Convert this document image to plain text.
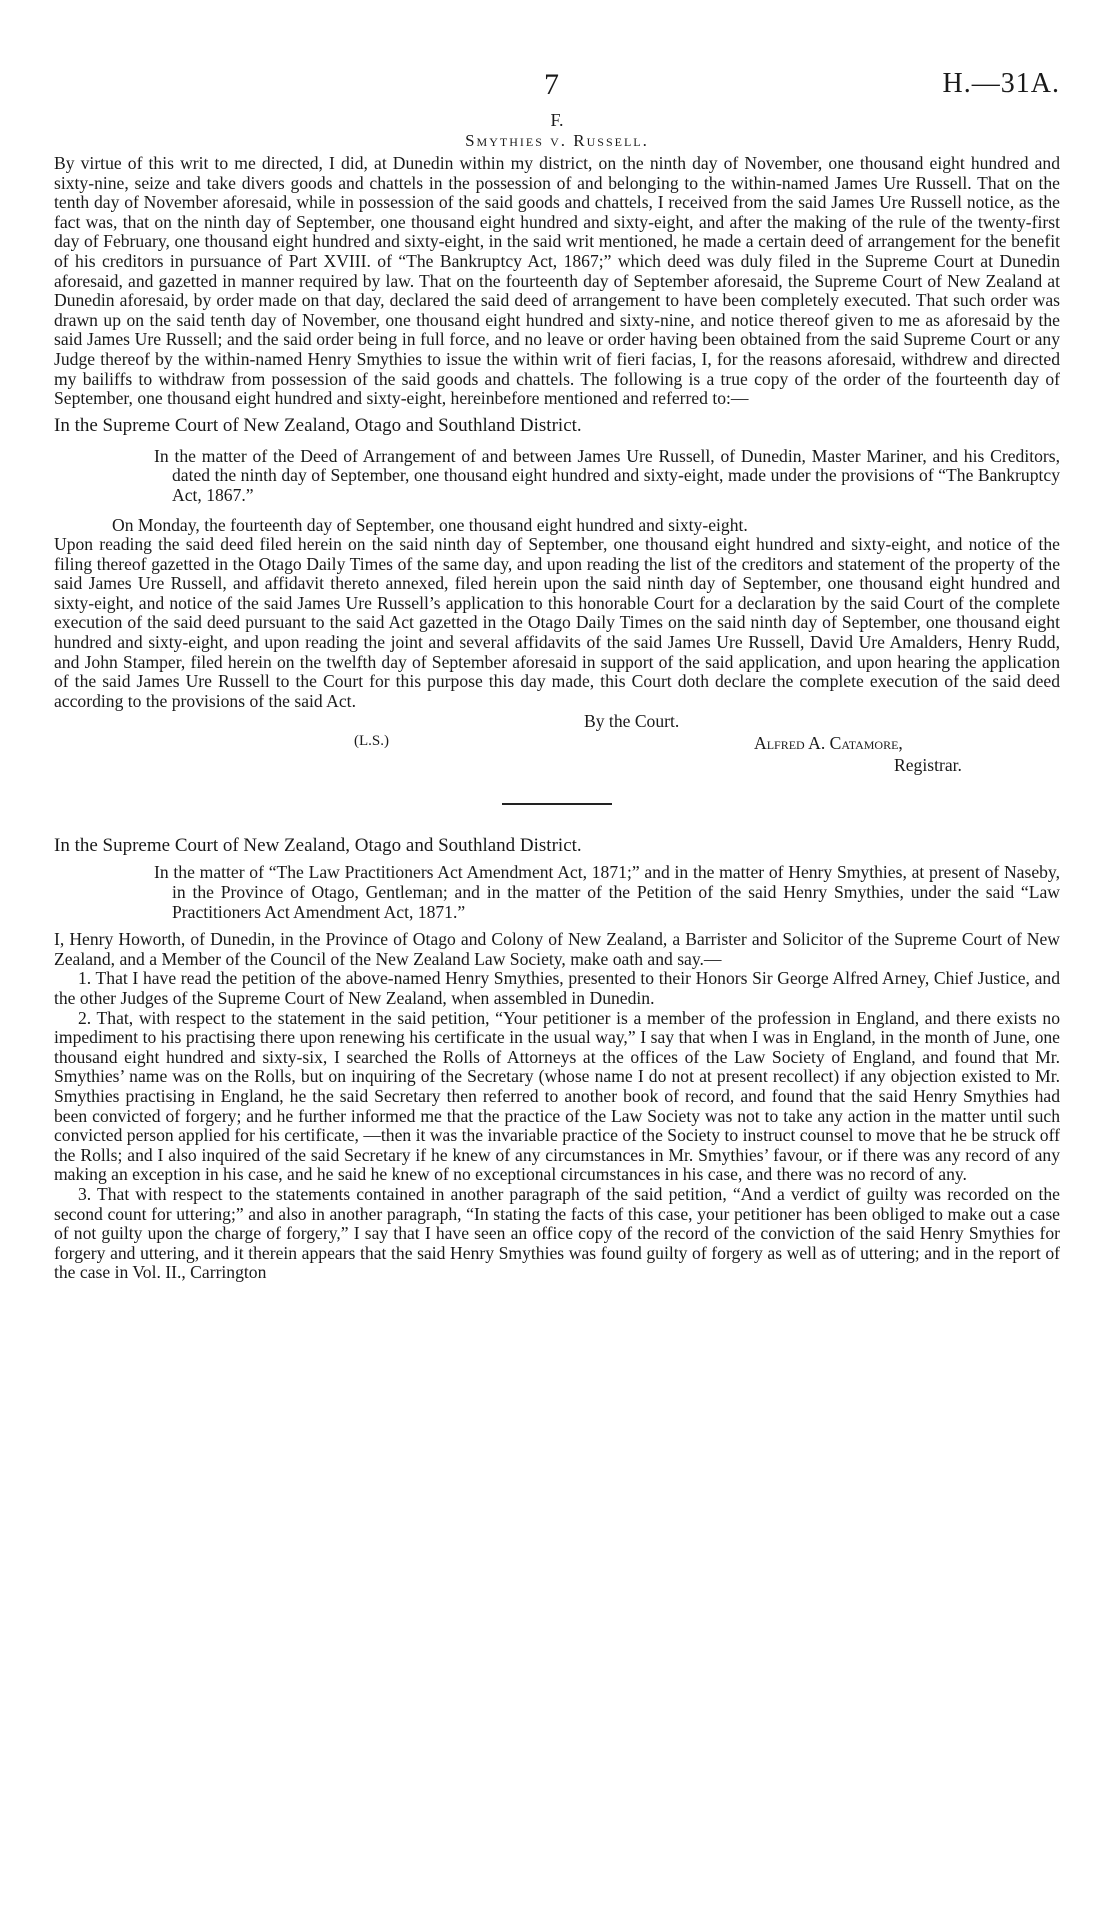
7	H.—31A.
F.
Smythies v. Russell.

By virtue of this writ to me directed, I did, at Dunedin within my district, on the ninth day of November, one thousand eight hundred and sixty-nine, seize and take divers goods and chattels in the possession of and belonging to the within-named James Ure Russell. That on the tenth day of November aforesaid, while in possession of the said goods and chattels, I received from the said James Ure Russell notice, as the fact was, that on the ninth day of September, one thousand eight hundred and sixty-eight, and after the making of the rule of the twenty-first day of February, one thousand eight hundred and sixty-eight, in the said writ mentioned, he made a certain deed of arrangement for the benefit of his creditors in pursuance of Part XVIII. of “The Bankruptcy Act, 1867;” which deed was duly filed in the Supreme Court at Dunedin aforesaid, and gazetted in manner required by law. That on the fourteenth day of September aforesaid, the Supreme Court of New Zealand at Dunedin aforesaid, by order made on that day, declared the said deed of arrangement to have been completely executed. That such order was drawn up on the said tenth day of November, one thousand eight hundred and sixty-nine, and notice thereof given to me as aforesaid by the said James Ure Russell; and the said order being in full force, and no leave or order having been obtained from the said Supreme Court or any Judge thereof by the within-named Henry Smythies to issue the within writ of fieri facias, I, for the reasons aforesaid, withdrew and directed my bailiffs to withdraw from possession of the said goods and chattels. The following is a true copy of the order of the fourteenth day of September, one thousand eight hundred and sixty-eight, hereinbefore mentioned and referred to:—

In the Supreme Court of New Zealand, Otago and Southland District.

In the matter of the Deed of Arrangement of and between James Ure Russell, of Dunedin, Master Mariner, and his Creditors, dated the ninth day of September, one thousand eight hundred and sixty-eight, made under the provisions of “The Bankruptcy Act, 1867.”

On Monday, the fourteenth day of September, one thousand eight hundred and sixty-eight.

Upon reading the said deed filed herein on the said ninth day of September, one thousand eight hundred and sixty-eight, and notice of the filing thereof gazetted in the Otago Daily Times of the same day, and upon reading the list of the creditors and statement of the property of the said James Ure Russell, and affidavit thereto annexed, filed herein upon the said ninth day of September, one thousand eight hundred and sixty-eight, and notice of the said James Ure Russell’s application to this honorable Court for a declaration by the said Court of the complete execution of the said deed pursuant to the said Act gazetted in the Otago Daily Times on the said ninth day of September, one thousand eight hundred and sixty-eight, and upon reading the joint and several affidavits of the said James Ure Russell, David Ure Amalders, Henry Rudd, and John Stamper, filed herein on the twelfth day of September aforesaid in support of the said application, and upon hearing the application of the said James Ure Russell to the Court for this purpose this day made, this Court doth declare the complete execution of the said deed according to the provisions of the said Act.

By the Court.
(L.S.)	Alfred A. Catamore,
Registrar.

In the Supreme Court of New Zealand, Otago and Southland District.

In the matter of “The Law Practitioners Act Amendment Act, 1871;” and in the matter of Henry Smythies, at present of Naseby, in the Province of Otago, Gentleman; and in the matter of the Petition of the said Henry Smythies, under the said “Law Practitioners Act Amendment Act, 1871.”

I, Henry Howorth, of Dunedin, in the Province of Otago and Colony of New Zealand, a Barrister and Solicitor of the Supreme Court of New Zealand, and a Member of the Council of the New Zealand Law Society, make oath and say.—

1. That I have read the petition of the above-named Henry Smythies, presented to their Honors Sir George Alfred Arney, Chief Justice, and the other Judges of the Supreme Court of New Zealand, when assembled in Dunedin.

2. That, with respect to the statement in the said petition, “Your petitioner is a member of the profession in England, and there exists no impediment to his practising there upon renewing his certificate in the usual way,” I say that when I was in England, in the month of June, one thousand eight hundred and sixty-six, I searched the Rolls of Attorneys at the offices of the Law Society of England, and found that Mr. Smythies’ name was on the Rolls, but on inquiring of the Secretary (whose name I do not at present recollect) if any objection existed to Mr. Smythies practising in England, he the said Secretary then referred to another book of record, and found that the said Henry Smythies had been convicted of forgery; and he further informed me that the practice of the Law Society was not to take any action in the matter until such convicted person applied for his certificate, —then it was the invariable practice of the Society to instruct counsel to move that he be struck off the Rolls; and I also inquired of the said Secretary if he knew of any circumstances in Mr. Smythies’ favour, or if there was any record of any making an exception in his case, and he said he knew of no exceptional circumstances in his case, and there was no record of any.

3. That with respect to the statements contained in another paragraph of the said petition, “And a verdict of guilty was recorded on the second count for uttering;” and also in another paragraph, “In stating the facts of this case, your petitioner has been obliged to make out a case of not guilty upon the charge of forgery,” I say that I have seen an office copy of the record of the conviction of the said Henry Smythies for forgery and uttering, and it therein appears that the said Henry Smythies was found guilty of forgery as well as of uttering; and in the report of the case in Vol. II., Carrington
